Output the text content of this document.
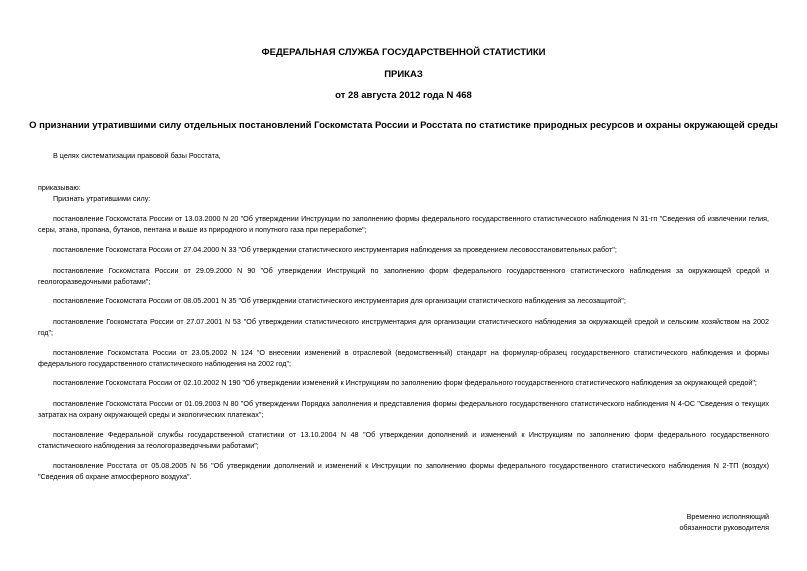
ФЕДЕРАЛЬНАЯ СЛУЖБА ГОСУДАРСТВЕННОЙ СТАТИСТИКИ
ПРИКАЗ
от 28 августа 2012 года N 468
О признании утратившими силу отдельных постановлений Госкомстата России и Росстата по статистике природных ресурсов и охраны окружающей среды
В целях систематизации правовой базы Росстата,
приказываю:
Признать утратившими силу:
постановление Госкомстата России от 13.03.2000 N 20 "Об утверждении Инструкции по заполнению формы федерального государственного статистического наблюдения N 31-гп "Сведения об извлечении гелия, серы, этана, пропана, бутанов, пентана и выше из природного и попутного газа при переработке";
постановление Госкомстата России от 27.04.2000 N 33 "Об утверждении статистического инструментария наблюдения за проведением лесовосстановительных работ";
постановление Госкомстата России от 29.09.2000 N 90 "Об утверждении Инструкций по заполнению форм федерального государственного статистического наблюдения за окружающей средой и геологоразведочными работами";
постановление Госкомстата России от 08.05.2001 N 35 "Об утверждении статистического инструментария для организации статистического наблюдения за лесозащитой";
постановление Госкомстата России от 27.07.2001 N 53 "Об утверждении статистического инструментария для организации статистического наблюдения за окружающей средой и сельским хозяйством на 2002 год";
постановление Госкомстата России от 23.05.2002 N 124 "О внесении изменений в отраслевой (ведомственный) стандарт на формуляр-образец государственного статистического наблюдения и формы федерального государственного статистического наблюдения на 2002 год";
постановление Госкомстата России от 02.10.2002 N 190 "Об утверждении изменений к Инструкциям по заполнению форм федерального государственного статистического наблюдения за окружающей средой";
постановление Госкомстата России от 01.09.2003 N 80 "Об утверждении Порядка заполнения и представления формы федерального государственного статистического наблюдения N 4-ОС "Сведения о текущих затратах на охрану окружающей среды и экологических платежах";
постановление Федеральной службы государственной статистики от 13.10.2004 N 48 "Об утверждении дополнений и изменений к Инструкциям по заполнению форм федерального государственного статистического наблюдения за геологоразведочными работами";
постановление Росстата от 05.08.2005 N 56 "Об утверждении дополнений и изменений к Инструкции по заполнению формы федерального государственного статистического наблюдения N 2-ТП (воздух) "Сведения об охране атмосферного воздуха".
Временно исполняющий
обязанности руководителя
